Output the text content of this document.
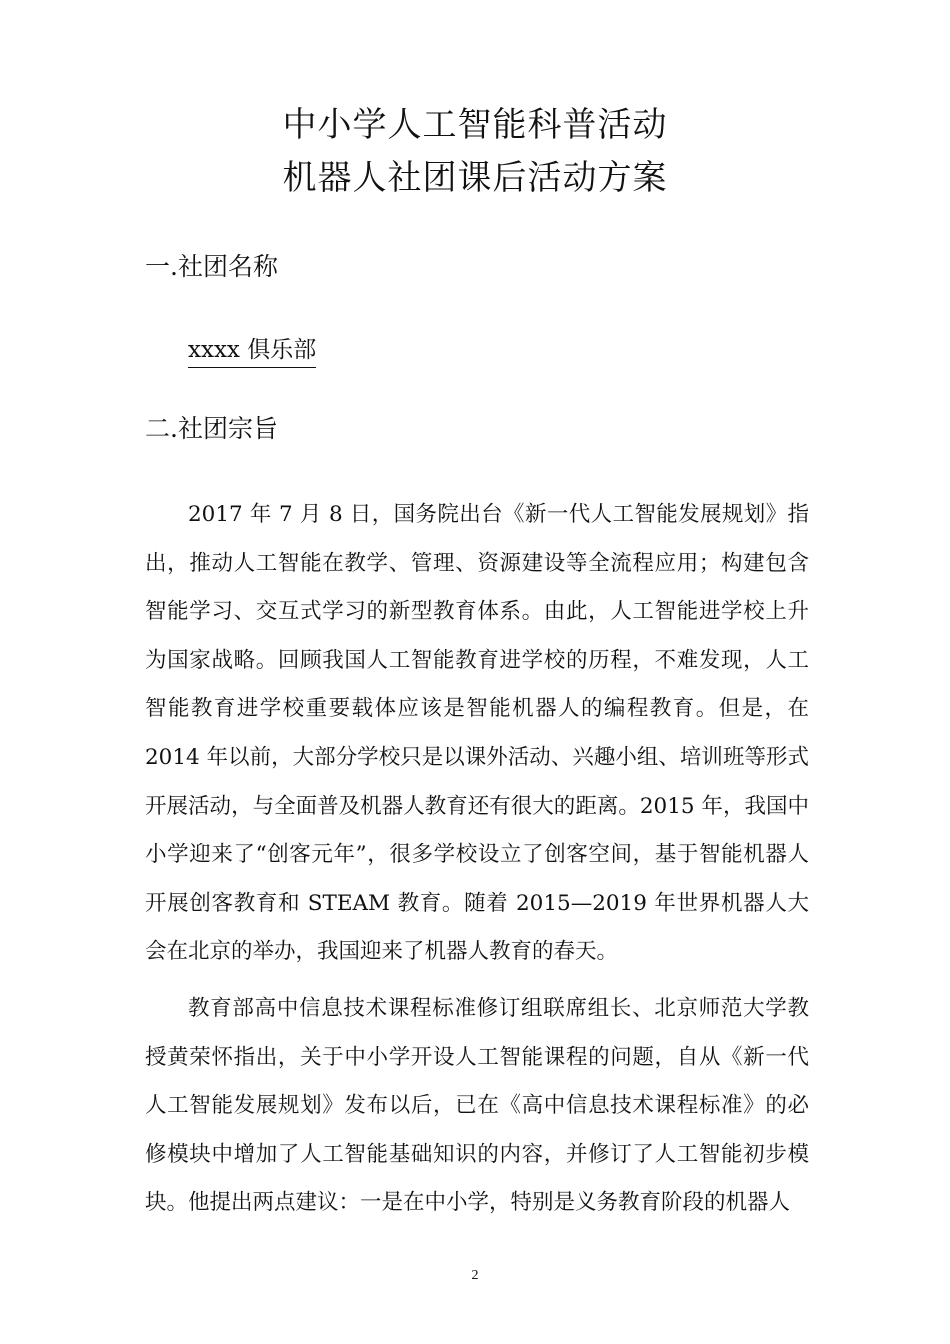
中小学人工智能科普活动
机器人社团课后活动方案
一.社团名称
xxxx 俱乐部
二.社团宗旨

2017 年 7 月 8 日，国务院出台《新一代人工智能发展规划》指出，推动人工智能在教学、管理、资源建设等全流程应用；构建包含智能学习、交互式学习的新型教育体系。由此，人工智能进学校上升为国家战略。回顾我国人工智能教育进学校的历程，不难发现，人工智能教育进学校重要载体应该是智能机器人的编程教育。但是，在 2014 年以前，大部分学校只是以课外活动、兴趣小组、培训班等形式开展活动，与全面普及机器人教育还有很大的距离。2015 年，我国中小学迎来了“创客元年”，很多学校设立了创客空间，基于智能机器人开展创客教育和 STEAM 教育。随着 2015—2019 年世界机器人大会在北京的举办，我国迎来了机器人教育的春天。

教育部高中信息技术课程标准修订组联席组长、北京师范大学教授黄荣怀指出，关于中小学开设人工智能课程的问题，自从《新一代人工智能发展规划》发布以后，已在《高中信息技术课程标准》的必修模块中增加了人工智能基础知识的内容，并修订了人工智能初步模块。他提出两点建议：一是在中小学，特别是义务教育阶段的机器人

2
